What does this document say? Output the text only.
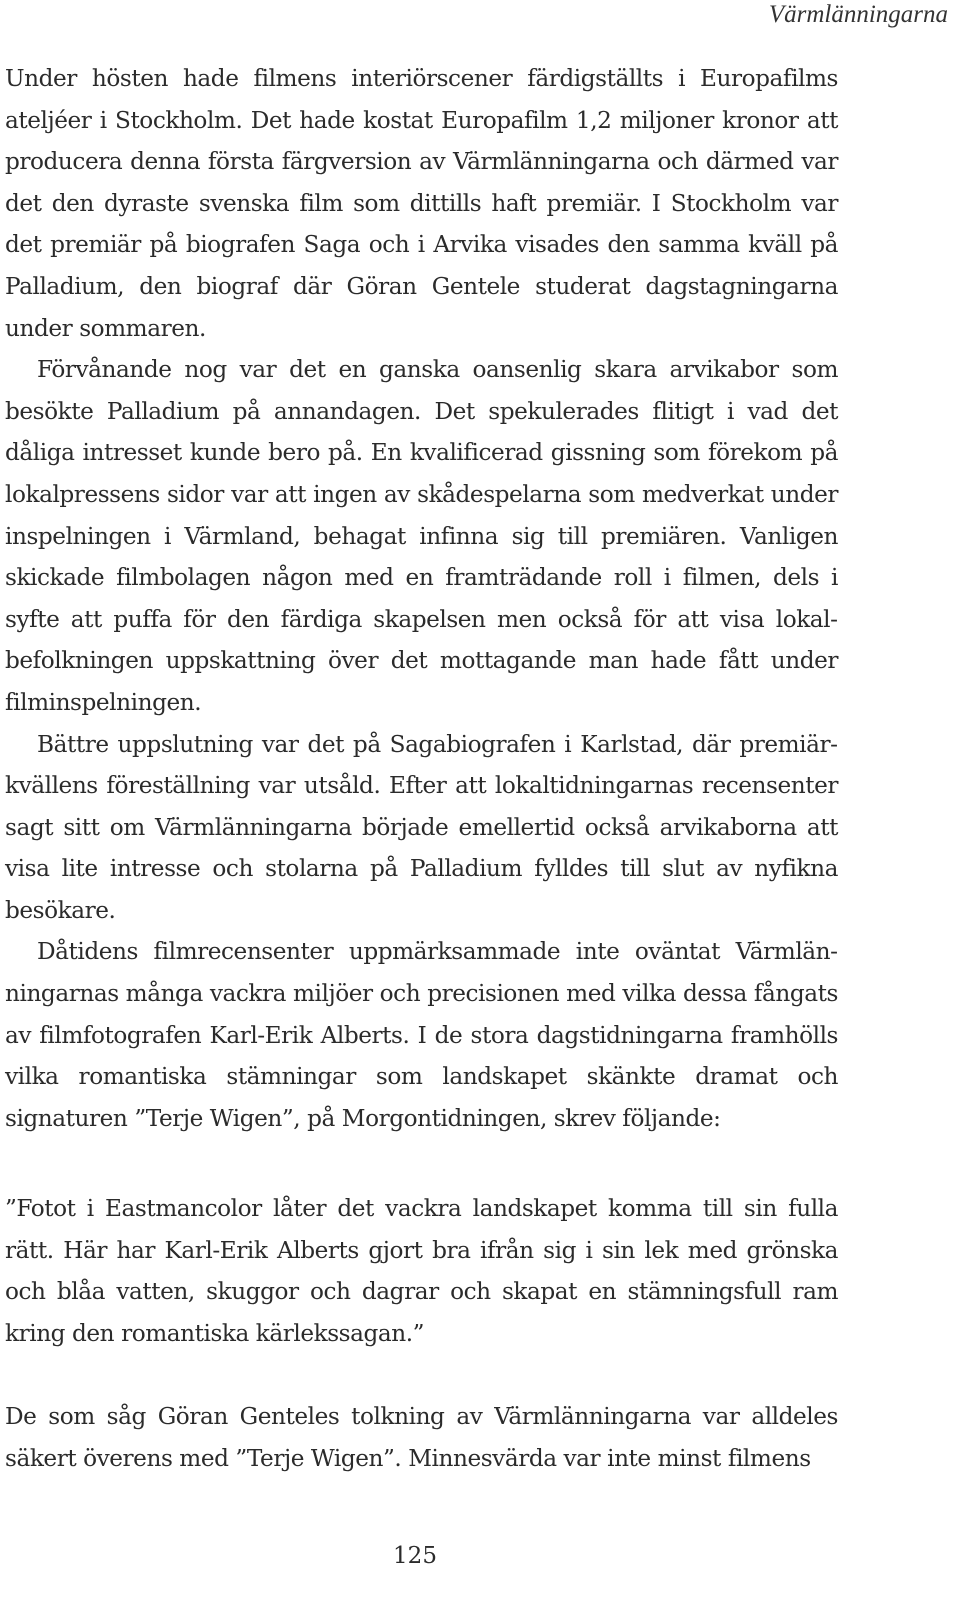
Värmlänningarna

Under hösten hade filmens interiörscener färdigställts i Europafilms ateljéer i Stockholm. Det hade kostat Europafilm 1,2 miljoner kronor att producera denna första färgversion av Värmlänningarna och därmed var det den dyraste svenska film som dittills haft premiär. I Stockholm var det premiär på biografen Saga och i Arvika visades den samma kväll på Palladium, den biograf där Göran Gentele studerat dagstagningarna under sommaren.

Förvånande nog var det en ganska oansenlig skara arvikabor som besökte Palladium på annandagen. Det spekulerades flitigt i vad det dåliga intresset kunde bero på. En kvalificerad gissning som förekom på lokalpressens sidor var att ingen av skådespelarna som medverkat under inspelningen i Värmland, behagat infinna sig till premiären. Vanligen skickade filmbolagen någon med en framträdande roll i filmen, dels i syfte att puffa för den färdiga skapelsen men också för att visa lokalbefolkningen uppskattning över det mottagande man hade fått under filminspelningen.

Bättre uppslutning var det på Sagabiografen i Karlstad, där premiärkvällens föreställning var utsåld. Efter att lokaltidningarnas recensenter sagt sitt om Värmlänningarna började emellertid också arvikaborna att visa lite intresse och stolarna på Palladium fylldes till slut av nyfikna besökare.

Dåtidens filmrecensenter uppmärksammade inte oväntat Värmlänningarnas många vackra miljöer och precisionen med vilka dessa fångats av filmfotografen Karl-Erik Alberts. I de stora dagstidningarna framhölls vilka romantiska stämningar som landskapet skänkte dramat och signaturen ”Terje Wigen”, på Morgontidningen, skrev följande:

”Fotot i Eastmancolor låter det vackra landskapet komma till sin fulla rätt. Här har Karl-Erik Alberts gjort bra ifrån sig i sin lek med grönska och blåa vatten, skuggor och dagrar och skapat en stämningsfull ram kring den romantiska kärlekssagan.”

De som såg Göran Genteles tolkning av Värmlänningarna var alldeles säkert överens med ”Terje Wigen”. Minnesvärda var inte minst filmens

125
